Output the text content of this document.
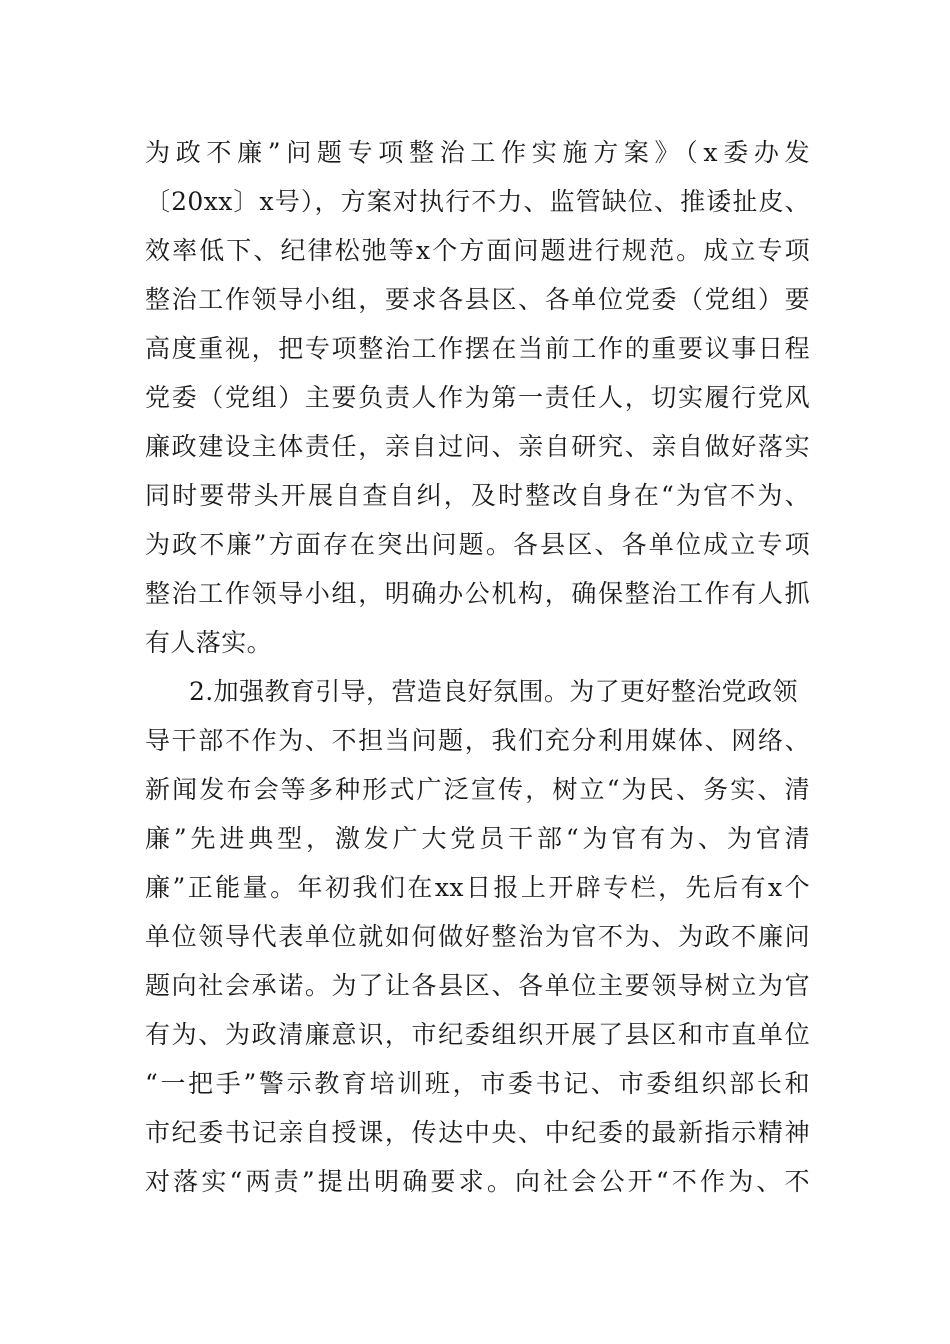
为政不廉”问题专项整治工作实施方案》（x委办发
〔20xx〕x号），方案对执行不力、监管缺位、推诿扯皮、
效率低下、纪律松弛等x个方面问题进行规范。成立专项
整治工作领导小组，要求各县区、各单位党委（党组）要
高度重视，把专项整治工作摆在当前工作的重要议事日程
党委（党组）主要负责人作为第一责任人，切实履行党风
廉政建设主体责任，亲自过问、亲自研究、亲自做好落实
同时要带头开展自查自纠，及时整改自身在“为官不为、
为政不廉”方面存在突出问题。各县区、各单位成立专项
整治工作领导小组，明确办公机构，确保整治工作有人抓
有人落实。
2.加强教育引导，营造良好氛围。为了更好整治党政领
导干部不作为、不担当问题，我们充分利用媒体、网络、
新闻发布会等多种形式广泛宣传，树立“为民、务实、清
廉”先进典型，激发广大党员干部“为官有为、为官清
廉”正能量。年初我们在xx日报上开辟专栏，先后有x个
单位领导代表单位就如何做好整治为官不为、为政不廉问
题向社会承诺。为了让各县区、各单位主要领导树立为官
有为、为政清廉意识，市纪委组织开展了县区和市直单位
“一把手”警示教育培训班，市委书记、市委组织部长和
市纪委书记亲自授课，传达中央、中纪委的最新指示精神
对落实“两责”提出明确要求。向社会公开“不作为、不
